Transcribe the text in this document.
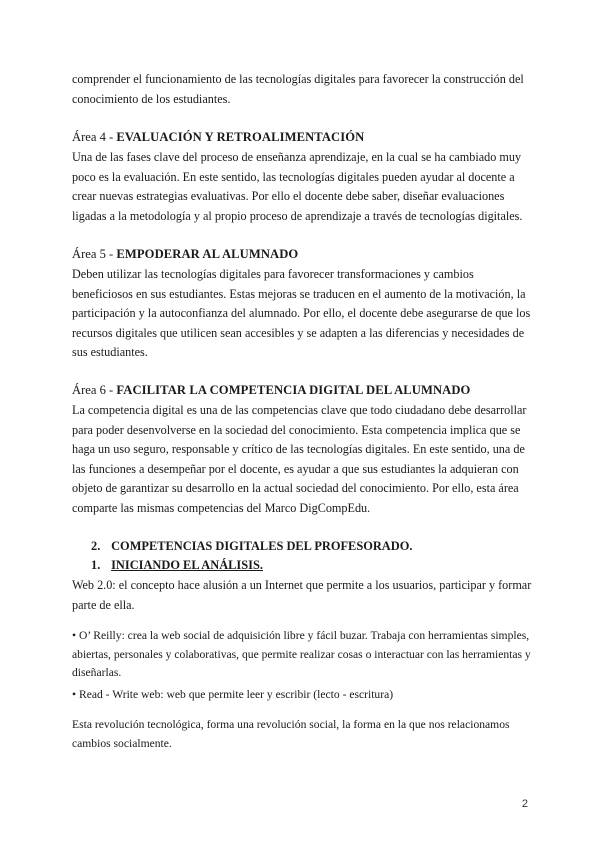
comprender el funcionamiento de las tecnologías digitales para favorecer la construcción del conocimiento de los estudiantes.

Área 4 - EVALUACIÓN Y RETROALIMENTACIÓN

Una de las fases clave del proceso de enseñanza aprendizaje, en la cual se ha cambiado muy poco es la evaluación. En este sentido, las tecnologías digitales pueden ayudar al docente a crear nuevas estrategias evaluativas. Por ello el docente debe saber, diseñar evaluaciones ligadas a la metodología y al propio proceso de aprendizaje a través de tecnologías digitales.

Área 5 - EMPODERAR AL ALUMNADO

Deben utilizar las tecnologías digitales para favorecer transformaciones y cambios beneficiosos en sus estudiantes. Estas mejoras se traducen en el aumento de la motivación, la participación y la autoconfianza del alumnado. Por ello, el docente debe asegurarse de que los recursos digitales que utilicen sean accesibles y se adapten a las diferencias y necesidades de sus estudiantes.

Área 6 - FACILITAR LA COMPETENCIA DIGITAL DEL ALUMNADO

La competencia digital es una de las competencias clave que todo ciudadano debe desarrollar para poder desenvolverse en la sociedad del conocimiento. Esta competencia implica que se haga un uso seguro, responsable y crítico de las tecnologías digitales. En este sentido, una de las funciones a desempeñar por el docente, es ayudar a que sus estudiantes la adquieran con objeto de garantizar su desarrollo en la actual sociedad del conocimiento. Por ello, esta área comparte las mismas competencias del Marco DigCompEdu.

2. COMPETENCIAS DIGITALES DEL PROFESORADO.
1. INICIANDO EL ANÁLISIS.

Web 2.0: el concepto hace alusión a un Internet que permite a los usuarios, participar y formar parte de ella.

• O’ Reilly: crea la web social de adquisición libre y fácil buzar. Trabaja con herramientas simples, abiertas, personales y colaborativas, que permite realizar cosas o interactuar con las herramientas y diseñarlas.

• Read - Write web: web que permite leer y escribir (lecto - escritura)

Esta revolución tecnológica, forma una revolución social, la forma en la que nos relacionamos cambios socialmente.

2
